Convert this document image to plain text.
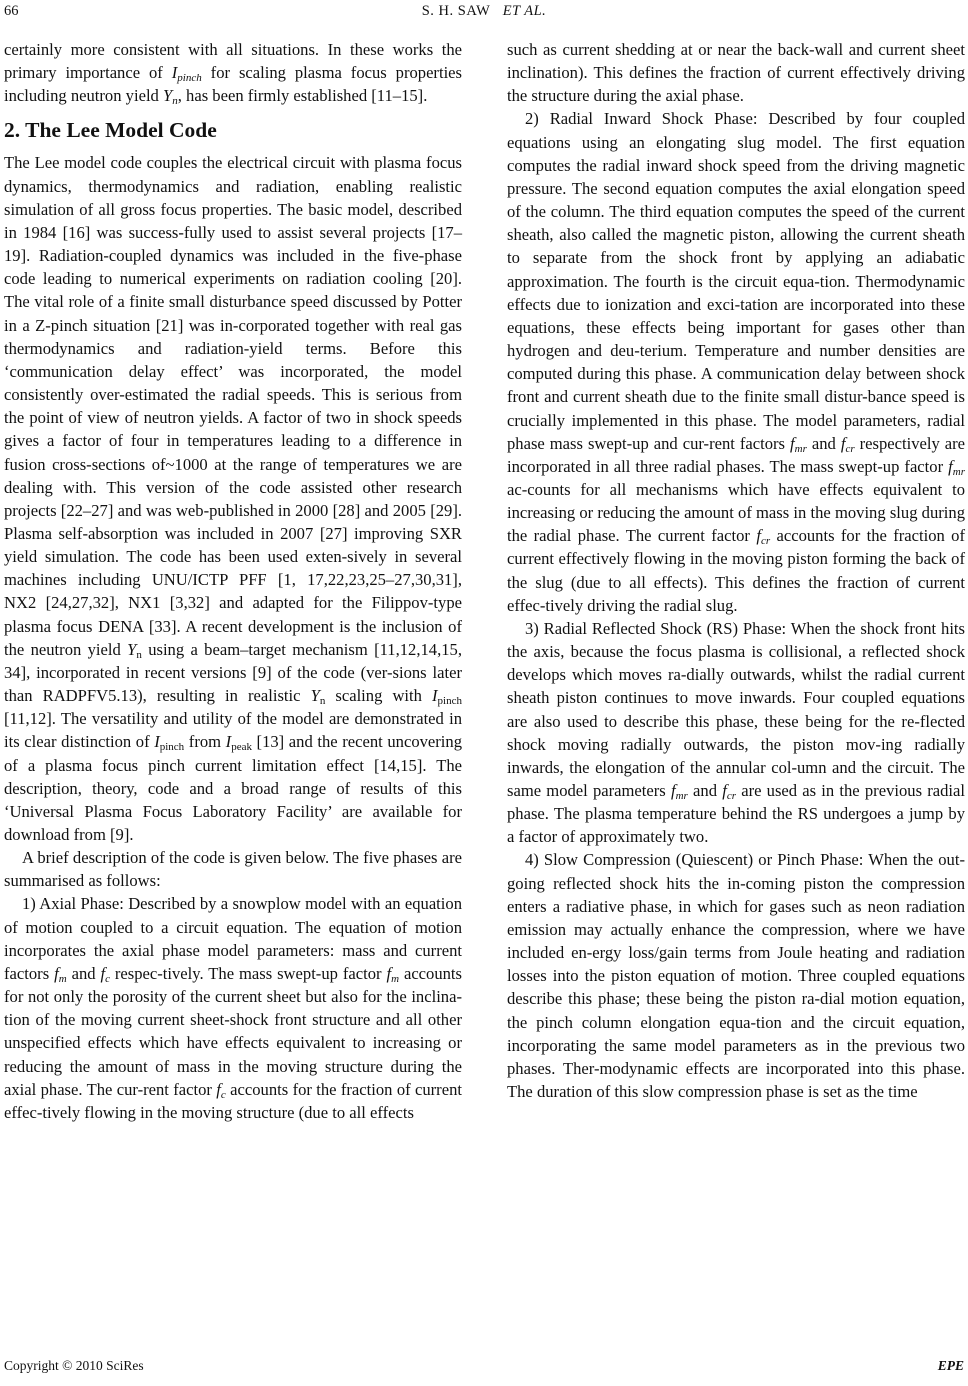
66	S. H. SAW ET AL.

certainly more consistent with all situations. In these works the primary importance of $I_{pinch}$ for scaling plasma focus properties including neutron yield $Y_n$, has been firmly established [11–15].

2. The Lee Model Code

The Lee model code couples the electrical circuit with plasma focus dynamics, thermodynamics and radiation, enabling realistic simulation of all gross focus properties. The basic model, described in 1984 [16] was success-fully used to assist several projects [17–19]. Radiation-coupled dynamics was included in the five-phase code leading to numerical experiments on radiation cooling [20]. The vital role of a finite small disturbance speed discussed by Potter in a Z-pinch situation [21] was in-corporated together with real gas thermodynamics and radiation-yield terms. Before this ‘communication delay effect’ was incorporated, the model consistently over-estimated the radial speeds. This is serious from the point of view of neutron yields. A factor of two in shock speeds gives a factor of four in temperatures leading to a difference in fusion cross-sections of~1000 at the range of temperatures we are dealing with. This version of the code assisted other research projects [22–27] and was web-published in 2000 [28] and 2005 [29]. Plasma self-absorption was included in 2007 [27] improving SXR yield simulation. The code has been used exten-sively in several machines including UNU/ICTP PFF [1, 17,22,23,25–27,30,31], NX2 [24,27,32], NX1 [3,32] and adapted for the Filippov-type plasma focus DENA [33]. A recent development is the inclusion of the neutron yield $Y_n$ using a beam–target mechanism [11,12,14,15, 34], incorporated in recent versions [9] of the code (ver-sions later than RADPFV5.13), resulting in realistic $Y_n$ scaling with $I_{pinch}$ [11,12]. The versatility and utility of the model are demonstrated in its clear distinction of $I_{pinch}$ from $I_{peak}$ [13] and the recent uncovering of a plasma focus pinch current limitation effect [14,15]. The description, theory, code and a broad range of results of this ‘Universal Plasma Focus Laboratory Facility’ are available for download from [9].

A brief description of the code is given below. The five phases are summarised as follows:

1) Axial Phase: Described by a snowplow model with an equation of motion coupled to a circuit equation. The equation of motion incorporates the axial phase model parameters: mass and current factors $f_m$ and $f_c$ respec-tively. The mass swept-up factor $f_m$ accounts for not only the porosity of the current sheet but also for the inclina-tion of the moving current sheet-shock front structure and all other unspecified effects which have effects equivalent to increasing or reducing the amount of mass in the moving structure during the axial phase. The cur-rent factor $f_c$ accounts for the fraction of current effec-tively flowing in the moving structure (due to all effects

such as current shedding at or near the back-wall and current sheet inclination). This defines the fraction of current effectively driving the structure during the axial phase.

2) Radial Inward Shock Phase: Described by four coupled equations using an elongating slug model. The first equation computes the radial inward shock speed from the driving magnetic pressure. The second equation computes the axial elongation speed of the column. The third equation computes the speed of the current sheath, also called the magnetic piston, allowing the current sheath to separate from the shock front by applying an adiabatic approximation. The fourth is the circuit equa-tion. Thermodynamic effects due to ionization and exci-tation are incorporated into these equations, these effects being important for gases other than hydrogen and deu-terium. Temperature and number densities are computed during this phase. A communication delay between shock front and current sheath due to the finite small distur-bance speed is crucially implemented in this phase. The model parameters, radial phase mass swept-up and cur-rent factors $f_{mr}$ and $f_{cr}$ respectively are incorporated in all three radial phases. The mass swept-up factor $f_{mr}$ ac-counts for all mechanisms which have effects equivalent to increasing or reducing the amount of mass in the moving slug during the radial phase. The current factor $f_{cr}$ accounts for the fraction of current effectively flowing in the moving piston forming the back of the slug (due to all effects). This defines the fraction of current effec-tively driving the radial slug.

3) Radial Reflected Shock (RS) Phase: When the shock front hits the axis, because the focus plasma is collisional, a reflected shock develops which moves ra-dially outwards, whilst the radial current sheath piston continues to move inwards. Four coupled equations are also used to describe this phase, these being for the re-flected shock moving radially outwards, the piston mov-ing radially inwards, the elongation of the annular col-umn and the circuit. The same model parameters $f_{mr}$ and $f_{cr}$ are used as in the previous radial phase. The plasma temperature behind the RS undergoes a jump by a factor of approximately two.

4) Slow Compression (Quiescent) or Pinch Phase: When the out-going reflected shock hits the in-coming piston the compression enters a radiative phase, in which for gases such as neon radiation emission may actually enhance the compression, where we have included en-ergy loss/gain terms from Joule heating and radiation losses into the piston equation of motion. Three coupled equations describe this phase; these being the piston ra-dial motion equation, the pinch column elongation equa-tion and the circuit equation, incorporating the same model parameters as in the previous two phases. Ther-modynamic effects are incorporated into this phase. The duration of this slow compression phase is set as the time

Copyright © 2010 SciRes	EPE
